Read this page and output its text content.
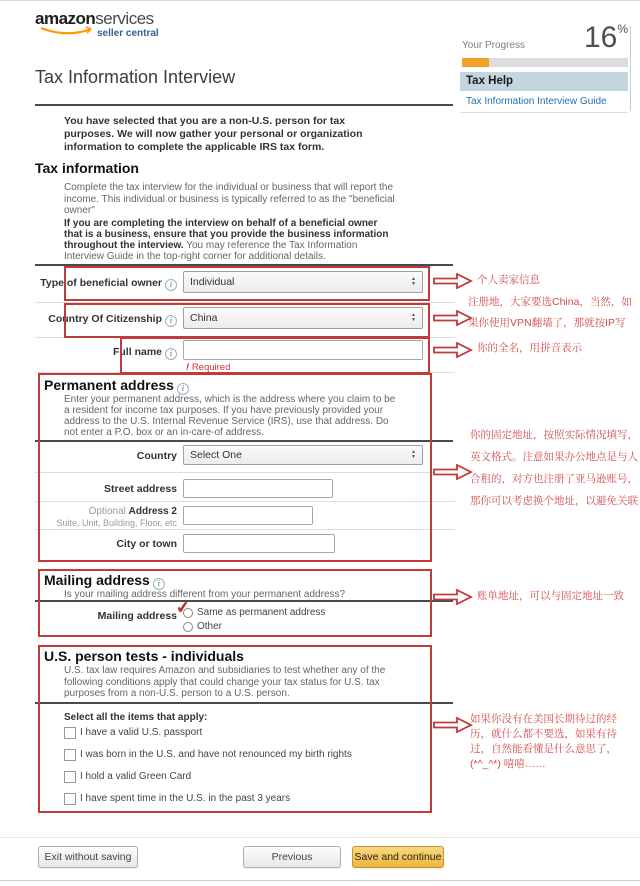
amazonservices
seller central
Your Progress	16%
Tax Help
Tax Information Interview Guide
Tax Information Interview
You have selected that you are a non-U.S. person for tax purposes. We will now gather your personal or organization information to complete the applicable IRS tax form.
Tax information
Complete the tax interview for the individual or business that will report the income. This individual or business is typically referred to as the "beneficial owner"
If you are completing the interview on behalf of a beneficial owner that is a business, ensure that you provide the business information throughout the interview. You may reference the Tax Information Interview Guide in the top-right corner for additional details.
Type of beneficial owner i	Individual
▲ ▼
Country Of Citizenship i	China
▲ ▼
Full namei
! Required
个人卖家信息
注册地，大家要选China，当然，如果你使用VPN翻墙了，那就按IP写
你的全名，用拼音表示
Permanent addressi
Enter your permanent address, which is the address where you claim to be a resident for income tax purposes. If you have previously provided your address to the U.S. Internal Revenue Service (IRS), use that address. Do not enter a P.O. box or an in-care-of address.
Country Select One
▲ ▼
Street address
Optional Address 2
Suite, Unit, Building, Floor, etc
City or town
你的固定地址，按照实际情况填写，英文格式。注意如果办公地点是与人合租的，对方也注册了亚马逊账号，那你可以考虑换个地址，以避免关联
Mailing addressi
Is your mailing address different from your permanent address?
Mailing address Same as permanent address
✔
Other
账单地址，可以与固定地址一致
U.S. person tests - individuals
U.S. tax law requires Amazon and subsidiaries to test whether any of the following conditions apply that could change your tax status for U.S. tax purposes from a non-U.S. person to a U.S. person.
Select all the items that apply:
I have a valid U.S. passport
I was born in the U.S. and have not renounced my birth rights
I hold a valid Green Card
I have spent time in the U.S. in the past 3 years
如果你没有在美国长期待过的经历，就什么都不要选，如果有待过，自然能看懂是什么意思了，(*^_^*) 嘻嘻……
Exit without saving	Previous	Save and continue
